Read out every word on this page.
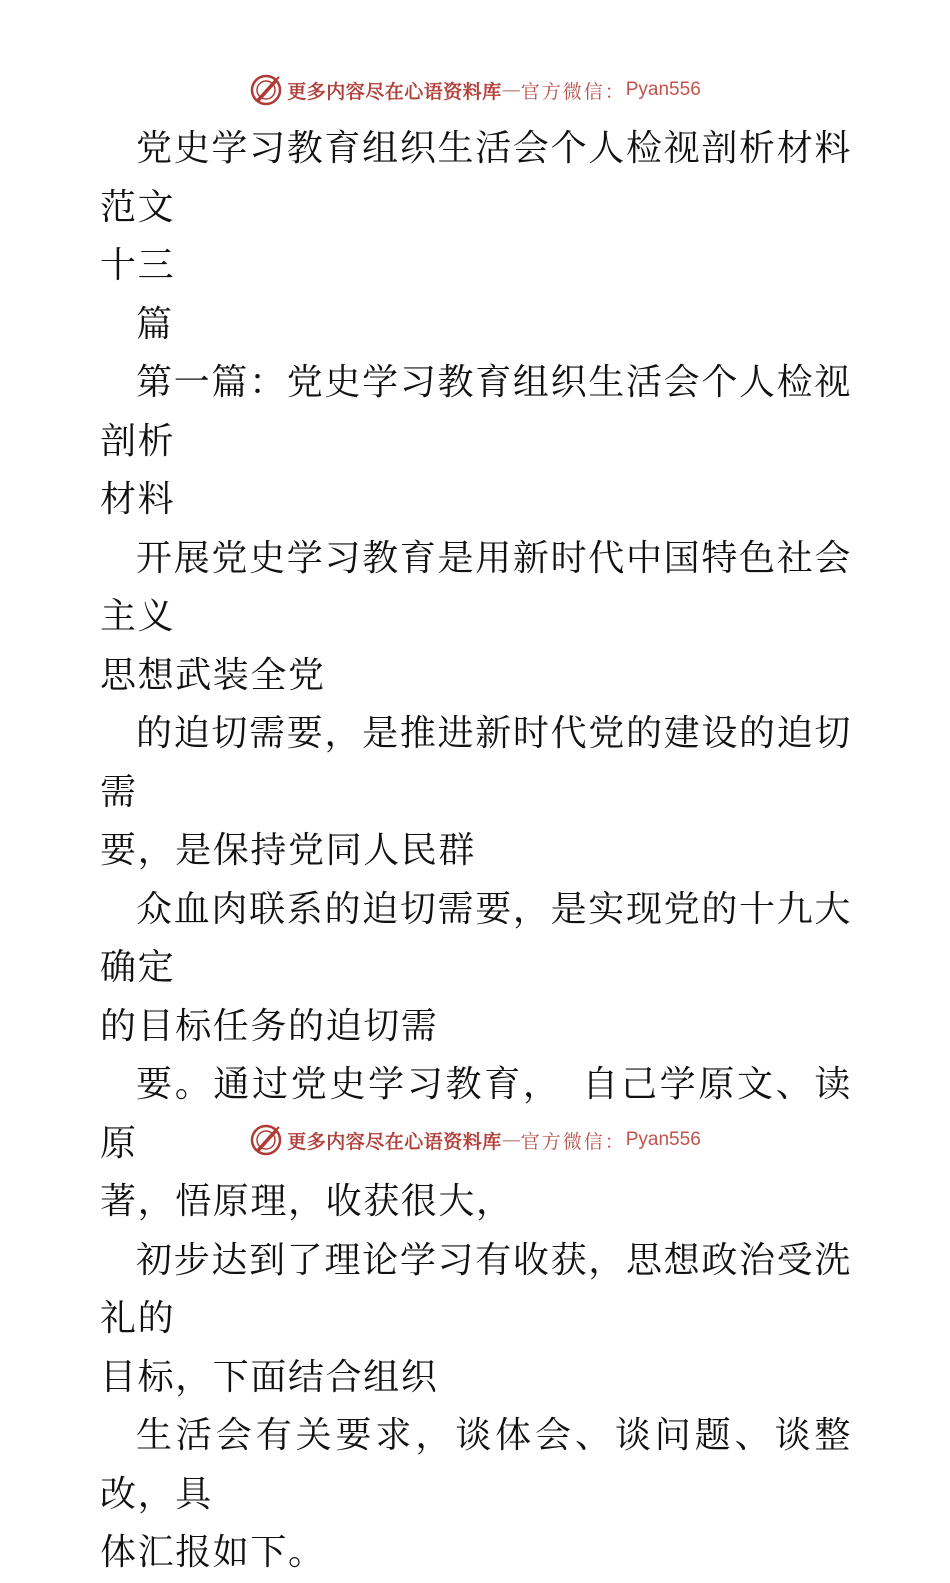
更多内容尽在心语资料库 — 官方微信： Pyan556

党史学习教育组织生活会个人检视剖析材料范文
十三

篇

第一篇：党史学习教育组织生活会个人检视剖析
材料

开展党史学习教育是用新时代中国特色社会主义
思想武装全党

的迫切需要，是推进新时代党的建设的迫切需
要，是保持党同人民群

众血肉联系的迫切需要，是实现党的十九大确定
的目标任务的迫切需

要。通过党史学习教育，　自己学原文、读原
著，悟原理，收获很大，

初步达到了理论学习有收获，思想政治受洗礼的
目标，下面结合组织

生活会有关要求，谈体会、谈问题、谈整改，具
体汇报如下。

更多内容尽在心语资料库 — 官方微信： Pyan556
